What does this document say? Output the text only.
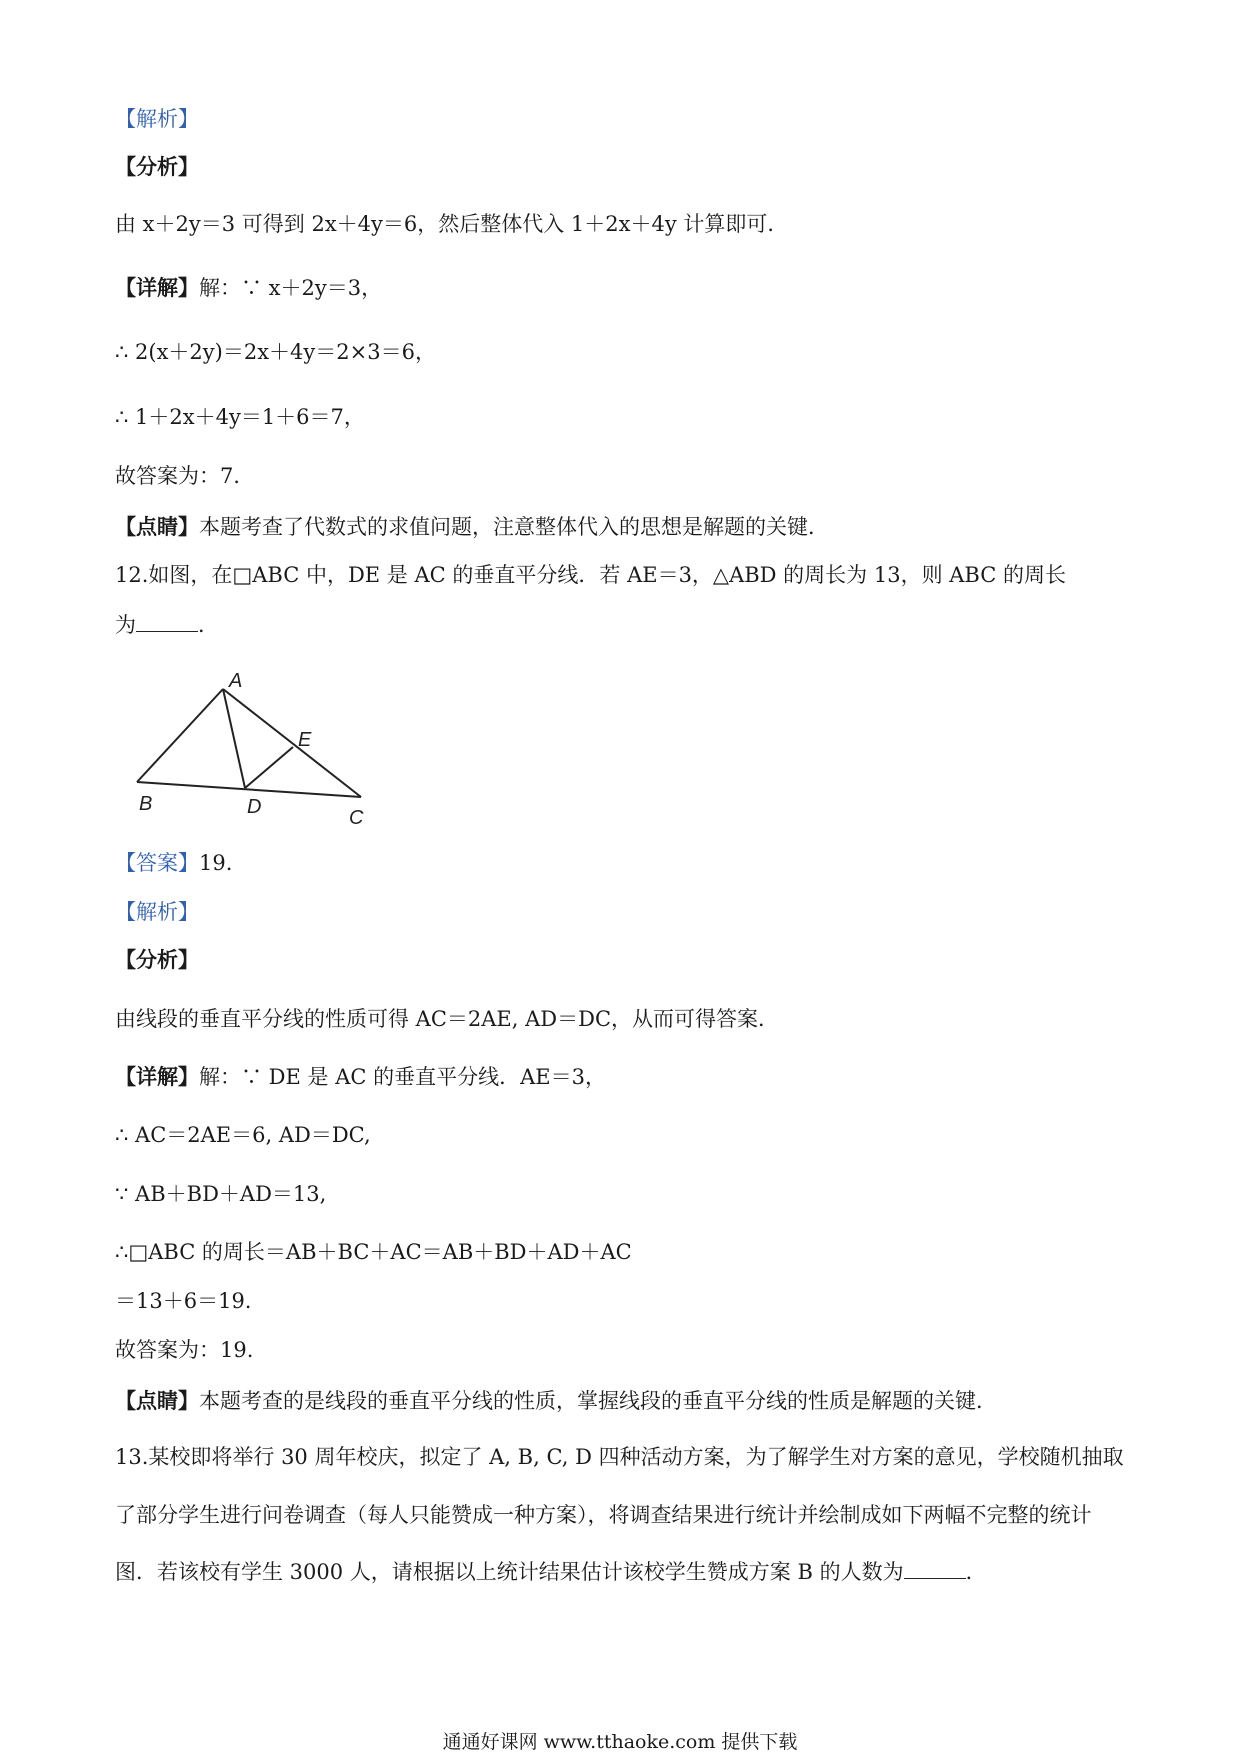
【解析】
【分析】
由 x＋2y＝3 可得到 2x＋4y＝6，然后整体代入 1＋2x＋4y 计算即可．
【详解】解：∵ x＋2y＝3，
∴ 2(x＋2y)＝2x＋4y＝2×3＝6，
∴ 1＋2x＋4y＝1＋6＝7，
故答案为：7．
【点睛】本题考查了代数式的求值问题，注意整体代入的思想是解题的关键．
12.如图，在□ABC 中，DE 是 AC 的垂直平分线．若 AE＝3，△ABD 的周长为 13，则 ABC 的周长
为	．
A
B
C
D
E
【答案】19.
【解析】
【分析】
由线段的垂直平分线的性质可得 AC＝2AE, AD＝DC，从而可得答案．
【详解】解：∵ DE 是 AC 的垂直平分线．AE＝3，
∴ AC＝2AE＝6, AD＝DC,
∵ AB＋BD＋AD＝13,
∴□ABC 的周长＝AB＋BC＋AC＝AB＋BD＋AD＋AC
＝13＋6＝19.
故答案为：19.
【点睛】本题考查的是线段的垂直平分线的性质，掌握线段的垂直平分线的性质是解题的关键．
13.某校即将举行 30 周年校庆，拟定了 A, B, C, D 四种活动方案，为了解学生对方案的意见，学校随机抽取
了部分学生进行问卷调查（每人只能赞成一种方案），将调查结果进行统计并绘制成如下两幅不完整的统计
图．若该校有学生 3000 人，请根据以上统计结果估计该校学生赞成方案 B 的人数为	．
通通好课网 www.tthaoke.com 提供下载
